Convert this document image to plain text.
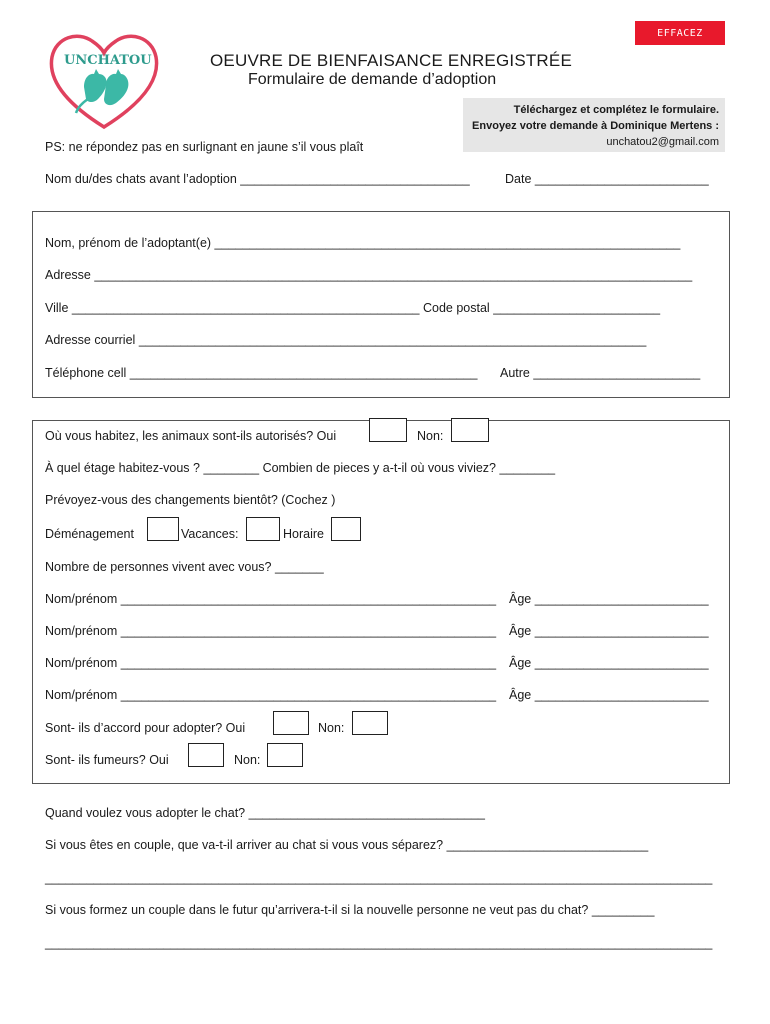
EFFACEZ
UNCHATOU	OEUVRE DE BIENFAISANCE ENREGISTRÉE
Formulaire de demande d’adoption
Téléchargez et complétez le formulaire.
Envoyez votre demande à Dominique Mertens :
unchatou2@gmail.com
PS: ne répondez pas en surlignant en jaune s’il vous plaît
Nom du/des chats avant l’adoption _________________________________	Date _________________________
Nom, prénom de l’adoptant(e) ___________________________________________________________________
Adresse ______________________________________________________________________________________
Ville __________________________________________________ Code postal ________________________
Adresse courriel _________________________________________________________________________
Téléphone cell __________________________________________________ Autre ________________________
Où vous habitez, les animaux sont-ils autorisés? Oui	Non:
À quel étage habitez-vous ? ________ Combien de pieces y a-t-il où vous viviez? ________
Prévoyez-vous des changements bientôt? (Cochez )
Déménagement	Vacances:	Horaire
Nombre de personnes vivent avec vous? _______
Nom/prénom ______________________________________________________ Âge _________________________
Nom/prénom ______________________________________________________ Âge _________________________
Nom/prénom ______________________________________________________ Âge _________________________
Nom/prénom ______________________________________________________ Âge _________________________
Sont- ils d’accord pour adopter? Oui	Non:
Sont- ils fumeurs? Oui	Non:
Quand voulez vous adopter le chat? __________________________________
Si vous êtes en couple, que va-t-il arriver au chat si vous vous séparez? _____________________________
________________________________________________________________________________________________
Si vous formez un couple dans le futur qu’arrivera-t-il si la nouvelle personne ne veut pas du chat? _________
________________________________________________________________________________________________
